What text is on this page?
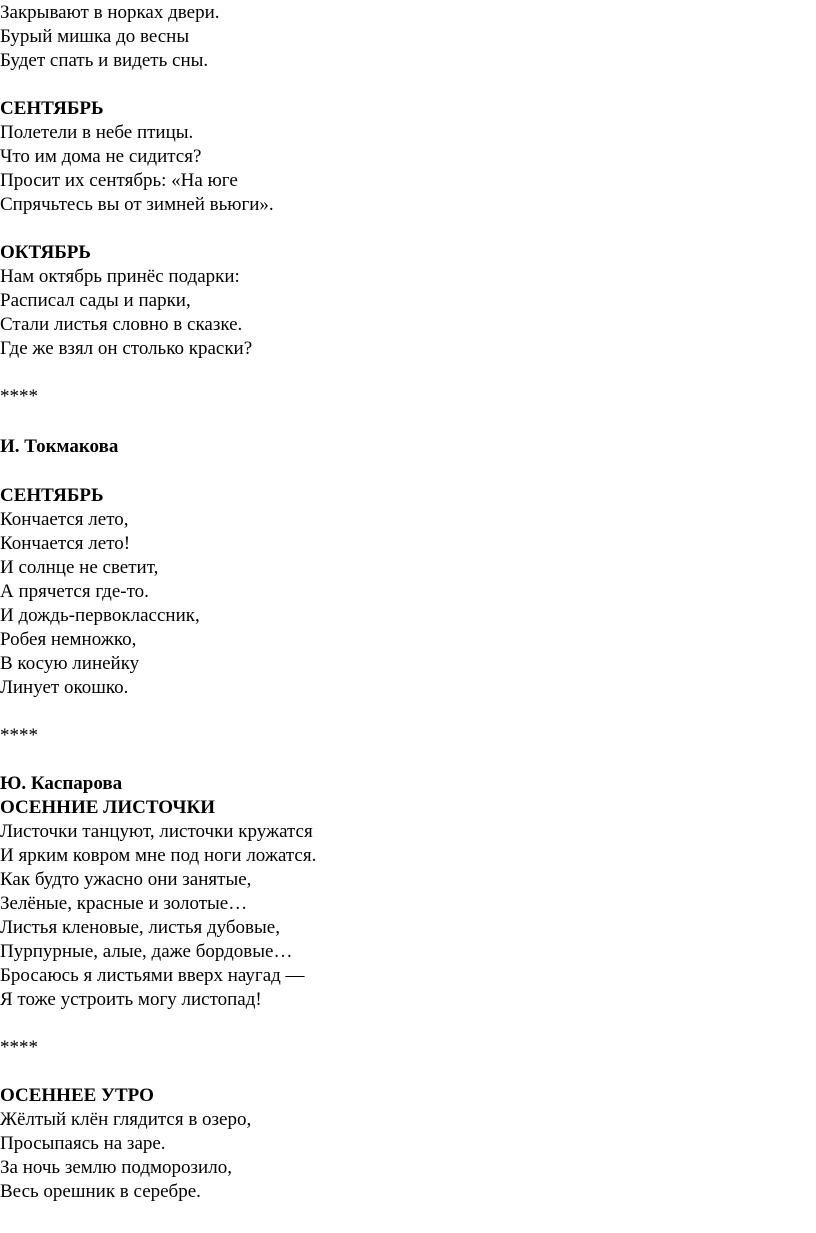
Закрывают в норках двери.
Бурый мишка до весны
Будет спать и видеть сны.
СЕНТЯБРЬ
Полетели в небе птицы.
Что им дома не сидится?
Просит их сентябрь: «На юге
Спрячьтесь вы от зимней вьюги».
ОКТЯБРЬ
Нам октябрь принёс подарки:
Расписал сады и парки,
Стали листья словно в сказке.
Где же взял он столько краски?
****
И. Токмакова
СЕНТЯБРЬ
Кончается лето,
Кончается лето!
И солнце не светит,
А прячется где-то.
И дождь-первоклассник,
Робея немножко,
В косую линейку
Линует окошко.
****
Ю. Каспарова
ОСЕННИЕ ЛИСТОЧКИ
Листочки танцуют, листочки кружатся
И ярким ковром мне под ноги ложатся.
Как будто ужасно они занятые,
Зелёные, красные и золотые…
Листья кленовые, листья дубовые,
Пурпурные, алые, даже бордовые…
Бросаюсь я листьями вверх наугад —
Я тоже устроить могу листопад!
****
ОСЕННЕЕ УТРО
Жёлтый клён глядится в озеро,
Просыпаясь на заре.
За ночь землю подморозило,
Весь орешник в серебре.
